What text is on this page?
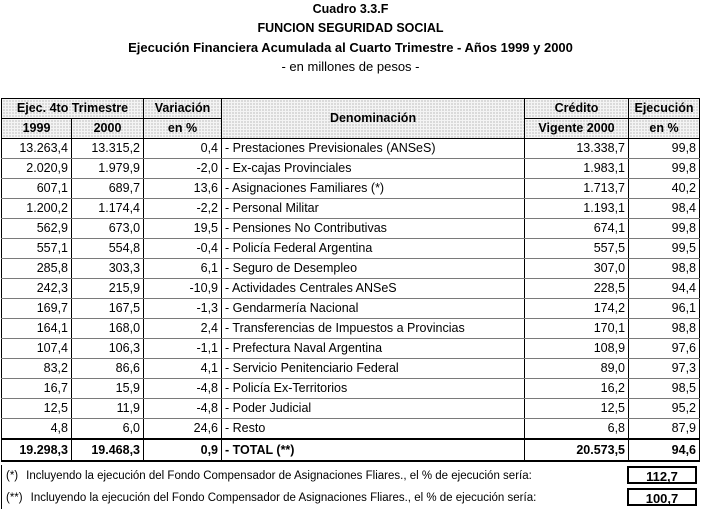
Cuadro 3.3.F
FUNCION SEGURIDAD SOCIAL
Ejecución Financiera Acumulada al Cuarto Trimestre - Años 1999 y 2000
- en millones de pesos -
Ejec. 4to Trimestre		Variación	Denominación	Crédito	Ejecución
1999	2000	en %		Vigente 2000	en %
13.263,4	13.315,2	0,4	- Prestaciones Previsionales (ANSeS)	13.338,7	99,8
2.020,9	1.979,9	-2,0	- Ex-cajas Provinciales	1.983,1	99,8
607,1	689,7	13,6	- Asignaciones Familiares (*)	1.713,7	40,2
1.200,2	1.174,4	-2,2	- Personal Militar	1.193,1	98,4
562,9	673,0	19,5	- Pensiones No Contributivas	674,1	99,8
557,1	554,8	-0,4	- Policía Federal Argentina	557,5	99,5
285,8	303,3	6,1	- Seguro de Desempleo	307,0	98,8
242,3	215,9	-10,9	- Actividades Centrales ANSeS	228,5	94,4
169,7	167,5	-1,3	- Gendarmería Nacional	174,2	96,1
164,1	168,0	2,4	- Transferencias de Impuestos a Provincias	170,1	98,8
107,4	106,3	-1,1	- Prefectura Naval Argentina	108,9	97,6
83,2	86,6	4,1	- Servicio Penitenciario Federal	89,0	97,3
16,7	15,9	-4,8	- Policía Ex-Territorios	16,2	98,5
12,5	11,9	-4,8	- Poder Judicial	12,5	95,2
4,8	6,0	24,6	- Resto	6,8	87,9
19.298,3	19.468,3	0,9	- TOTAL (**)	20.573,5	94,6
(*) Incluyendo la ejecución del Fondo Compensador de Asignaciones Fliares., el % de ejecución sería:	112,7
(**) Incluyendo la ejecución del Fondo Compensador de Asignaciones Fliares., el % de ejecución sería:	100,7
